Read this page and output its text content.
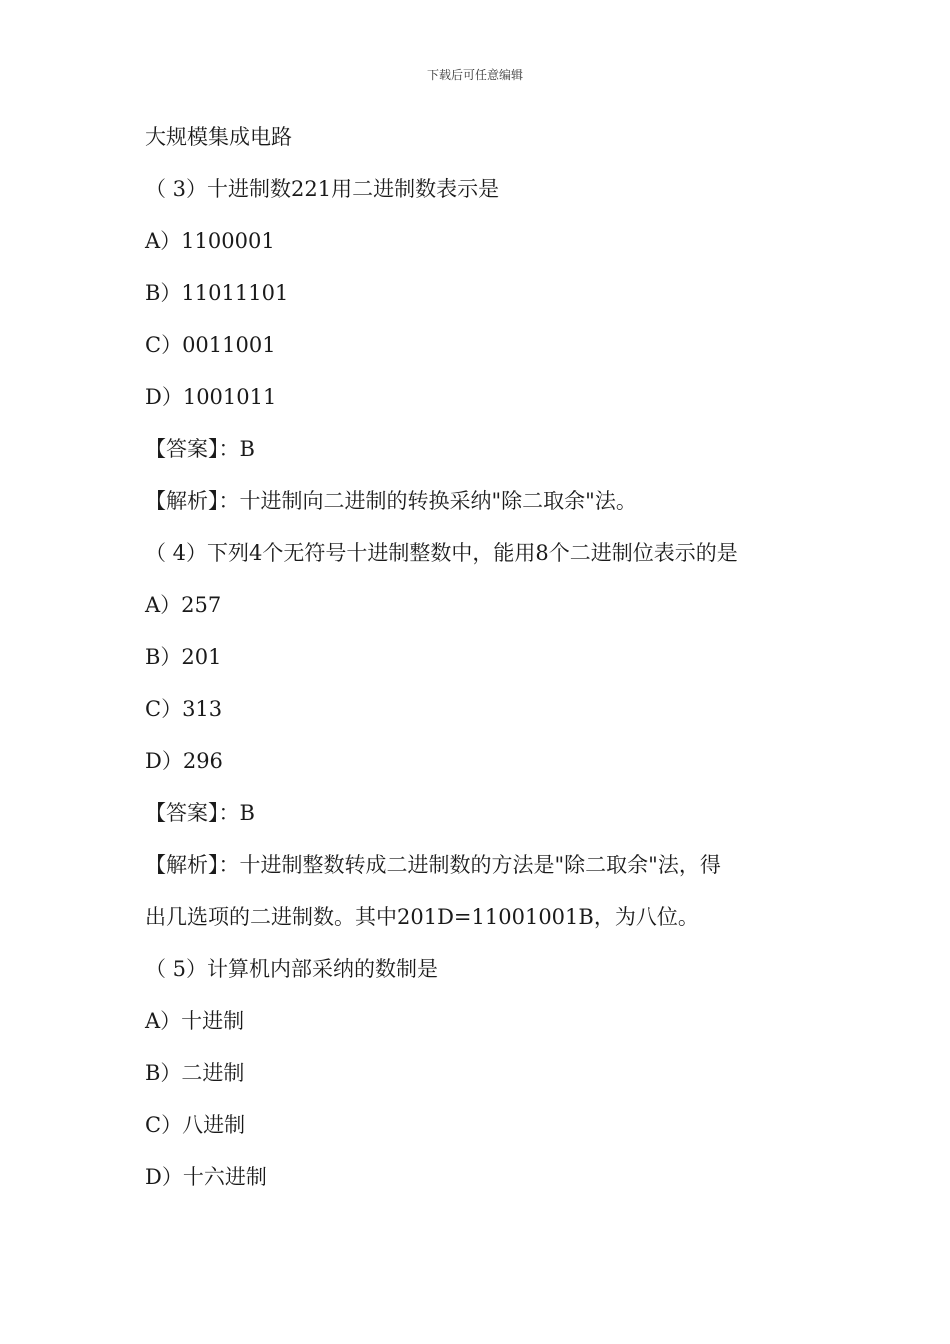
下载后可任意编辑
大规模集成电路
（ 3）十进制数221用二进制数表示是
A）1100001
B）11011101
C）0011001
D）1001011
【答案】：B
【解析】：十进制向二进制的转换采纳"除二取余"法。
（ 4）下列4个无符号十进制整数中，能用8个二进制位表示的是
A）257
B）201
C）313
D）296
【答案】：B
【解析】：十进制整数转成二进制数的方法是"除二取余"法，得
出几选项的二进制数。其中201D=11001001B，为八位。
（ 5）计算机内部采纳的数制是
A）十进制
B）二进制
C）八进制
D）十六进制
